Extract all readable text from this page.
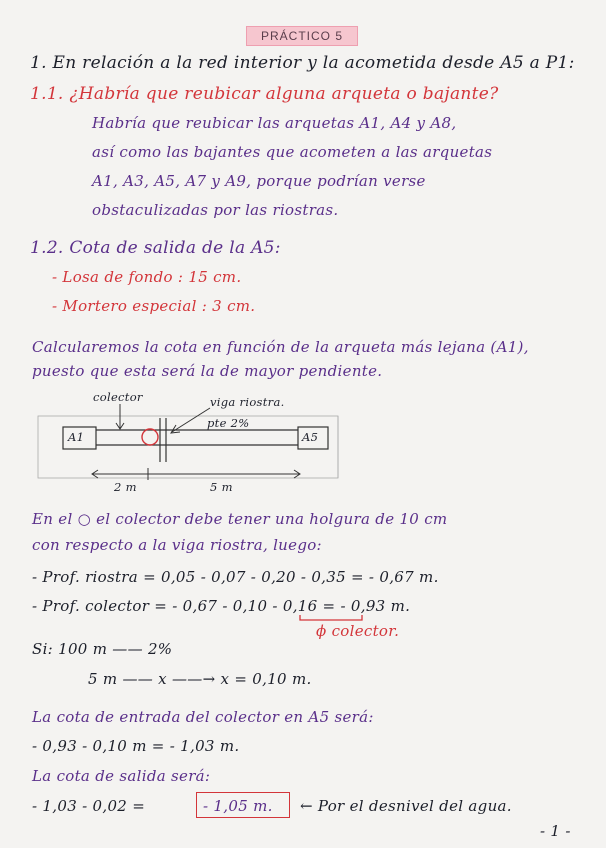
PRÁCTICO 5
1. En relación a la red interior y la acometida desde A5 a P1:
1.1. ¿Habría que reubicar alguna arqueta o bajante?
Habría que reubicar las arquetas A1, A4 y A8,
así como las bajantes que acometen a las arquetas
A1, A3, A5, A7 y A9, porque podrían verse
obstaculizadas por las riostras.
1.2. Cota de salida de la A5:
- Losa de fondo : 15 cm.
- Mortero especial : 3 cm.
Calcularemos la cota en función de la arqueta más lejana (A1),
puesto que esta será la de mayor pendiente.
colector	viga riostra.
pte 2%
A1	A5
2 m	5 m
En el ○ el colector debe tener una holgura de 10 cm
con respecto a la viga riostra, luego:
- Prof. riostra = 0,05 - 0,07 - 0,20 - 0,35 = - 0,67 m.
- Prof. colector = - 0,67 - 0,10 - 0,16 = - 0,93 m.
ϕ colector.
Si: 100 m —— 2%
5 m —— x ——→ x = 0,10 m.
La cota de entrada del colector en A5 será:
- 0,93 - 0,10 m = - 1,03 m.
La cota de salida será:
- 1,03 - 0,02 =	- 1,05 m. ← Por el desnivel del agua.
- 1 -
